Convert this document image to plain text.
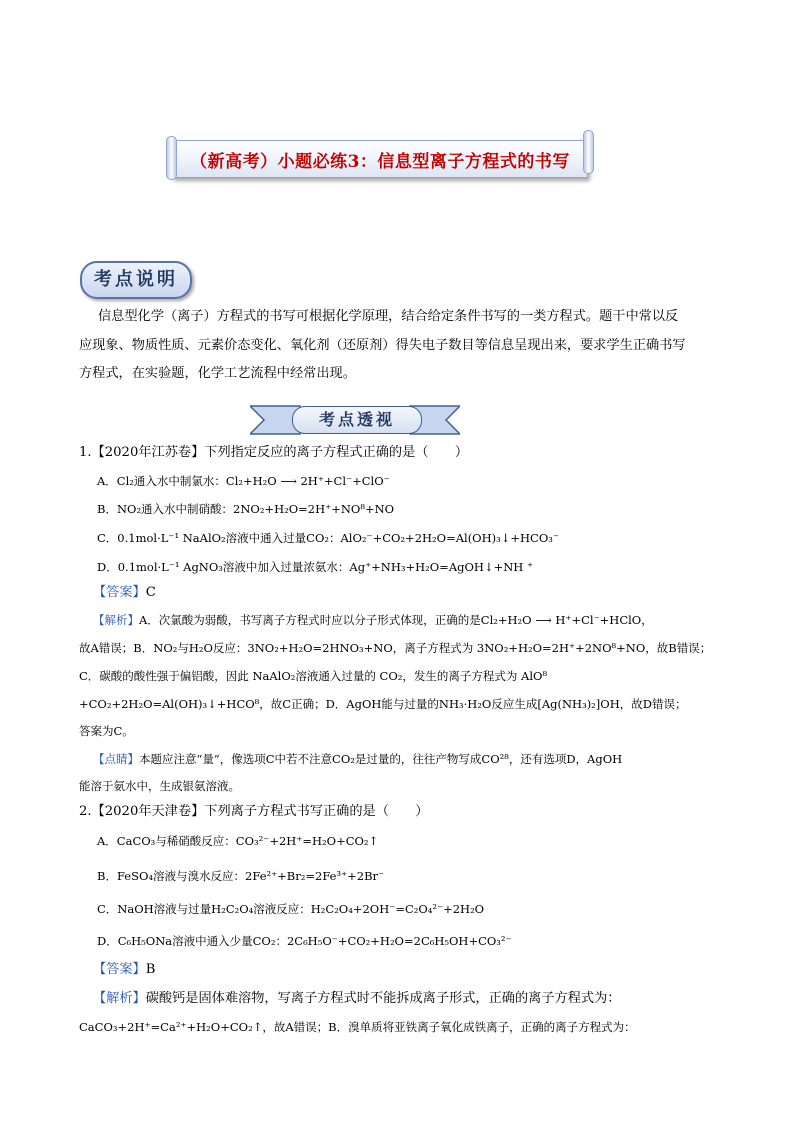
（新高考）小题必练3：信息型离子方程式的书写
考点说明
信息型化学（离子）方程式的书写可根据化学原理，结合给定条件书写的一类方程式。题干中常以反
应现象、物质性质、元素价态变化、氧化剂（还原剂）得失电子数目等信息呈现出来，要求学生正确书写
方程式，在实验题，化学工艺流程中经常出现。
考点透视
1.【2020年江苏卷】下列指定反应的离子方程式正确的是（　　）
A．Cl₂通入水中制氯水：Cl₂+H₂O ⟶ 2H⁺+Cl⁻+ClO⁻
B．NO₂通入水中制硝酸：2NO₂+H₂O=2H⁺+NO⁸+NO
C．0.1mol·L⁻¹ NaAlO₂溶液中通入过量CO₂：AlO₂⁻+CO₂+2H₂O=Al(OH)₃↓+HCO₃⁻
D．0.1mol·L⁻¹ AgNO₃溶液中加入过量浓氨水：Ag⁺+NH₃+H₂O=AgOH↓+NH ⁺
【答案】C
【解析】A．次氯酸为弱酸，书写离子方程式时应以分子形式体现，正确的是Cl₂+H₂O ⟶ H⁺+Cl⁻+HClO，
故A错误；B．NO₂与H₂O反应：3NO₂+H₂O=2HNO₃+NO，离子方程式为 3NO₂+H₂O=2H⁺+2NO⁸+NO，故B错误；
C．碳酸的酸性强于偏铝酸，因此 NaAlO₂溶液通入过量的 CO₂，发生的离子方程式为 AlO⁸
+CO₂+2H₂O=Al(OH)₃↓+HCO⁸，故C正确；D．AgOH能与过量的NH₃·H₂O反应生成[Ag(NH₃)₂]OH，故D错误；
答案为C。
【点睛】本题应注意“量”，像选项C中若不注意CO₂是过量的，往往产物写成CO²⁸，还有选项D，AgOH
能溶于氨水中，生成银氨溶液。
2.【2020年天津卷】下列离子方程式书写正确的是（　　）
A．CaCO₃与稀硝酸反应：CO₃²⁻+2H⁺=H₂O+CO₂↑
B．FeSO₄溶液与溴水反应：2Fe²⁺+Br₂=2Fe³⁺+2Br⁻
C．NaOH溶液与过量H₂C₂O₄溶液反应：H₂C₂O₄+2OH⁻=C₂O₄²⁻+2H₂O
D．C₆H₅ONa溶液中通入少量CO₂：2C₆H₅O⁻+CO₂+H₂O=2C₆H₅OH+CO₃²⁻
【答案】B
【解析】碳酸钙是固体难溶物，写离子方程式时不能拆成离子形式，正确的离子方程式为：
CaCO₃+2H⁺=Ca²⁺+H₂O+CO₂↑，故A错误；B．溴单质将亚铁离子氧化成铁离子，正确的离子方程式为：
